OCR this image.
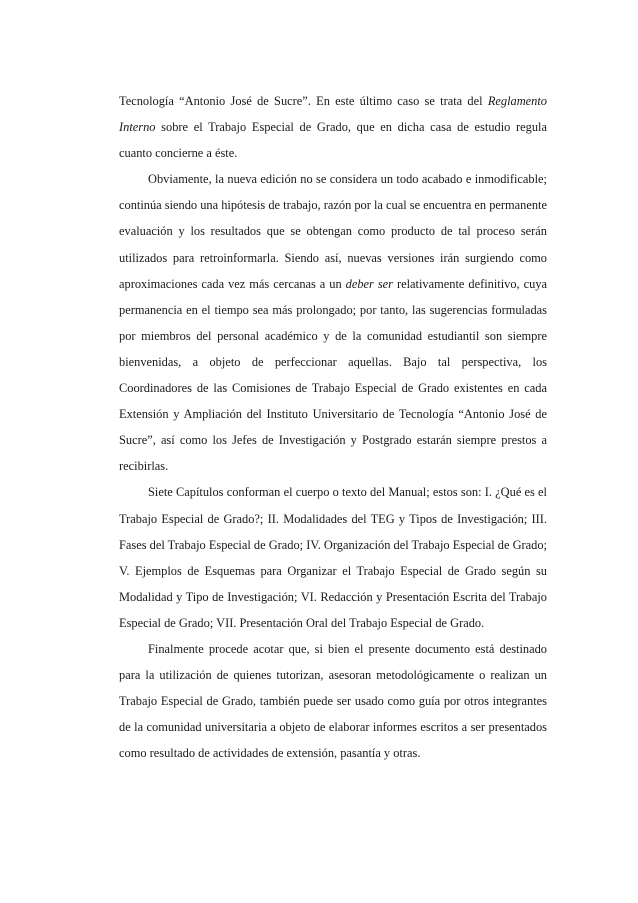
Tecnología “Antonio José de Sucre”. En este último caso se trata del Reglamento Interno sobre el Trabajo Especial de Grado, que en dicha casa de estudio regula cuanto concierne a éste.

Obviamente, la nueva edición no se considera un todo acabado e inmodificable; continúa siendo una hipótesis de trabajo, razón por la cual se encuentra en permanente evaluación y los resultados que se obtengan como producto de tal proceso serán utilizados para retroinformarla. Siendo así, nuevas versiones irán surgiendo como aproximaciones cada vez más cercanas a un deber ser relativamente definitivo, cuya permanencia en el tiempo sea más prolongado; por tanto, las sugerencias formuladas por miembros del personal académico y de la comunidad estudiantil son siempre bienvenidas, a objeto de perfeccionar aquellas. Bajo tal perspectiva, los Coordinadores de las Comisiones de Trabajo Especial de Grado existentes en cada Extensión y Ampliación del Instituto Universitario de Tecnología “Antonio José de Sucre”, así como los Jefes de Investigación y Postgrado estarán siempre prestos a recibirlas.

Siete Capítulos conforman el cuerpo o texto del Manual; estos son: I. ¿Qué es el Trabajo Especial de Grado?; II. Modalidades del TEG y Tipos de Investigación; III. Fases del Trabajo Especial de Grado; IV. Organización del Trabajo Especial de Grado; V. Ejemplos de Esquemas para Organizar el Trabajo Especial de Grado según su Modalidad y Tipo de Investigación; VI. Redacción y Presentación Escrita del Trabajo Especial de Grado; VII. Presentación Oral del Trabajo Especial de Grado.

Finalmente procede acotar que, si bien el presente documento está destinado para la utilización de quienes tutorizan, asesoran metodológicamente o realizan un Trabajo Especial de Grado, también puede ser usado como guía por otros integrantes de la comunidad universitaria a objeto de elaborar informes escritos a ser presentados como resultado de actividades de extensión, pasantía y otras.
